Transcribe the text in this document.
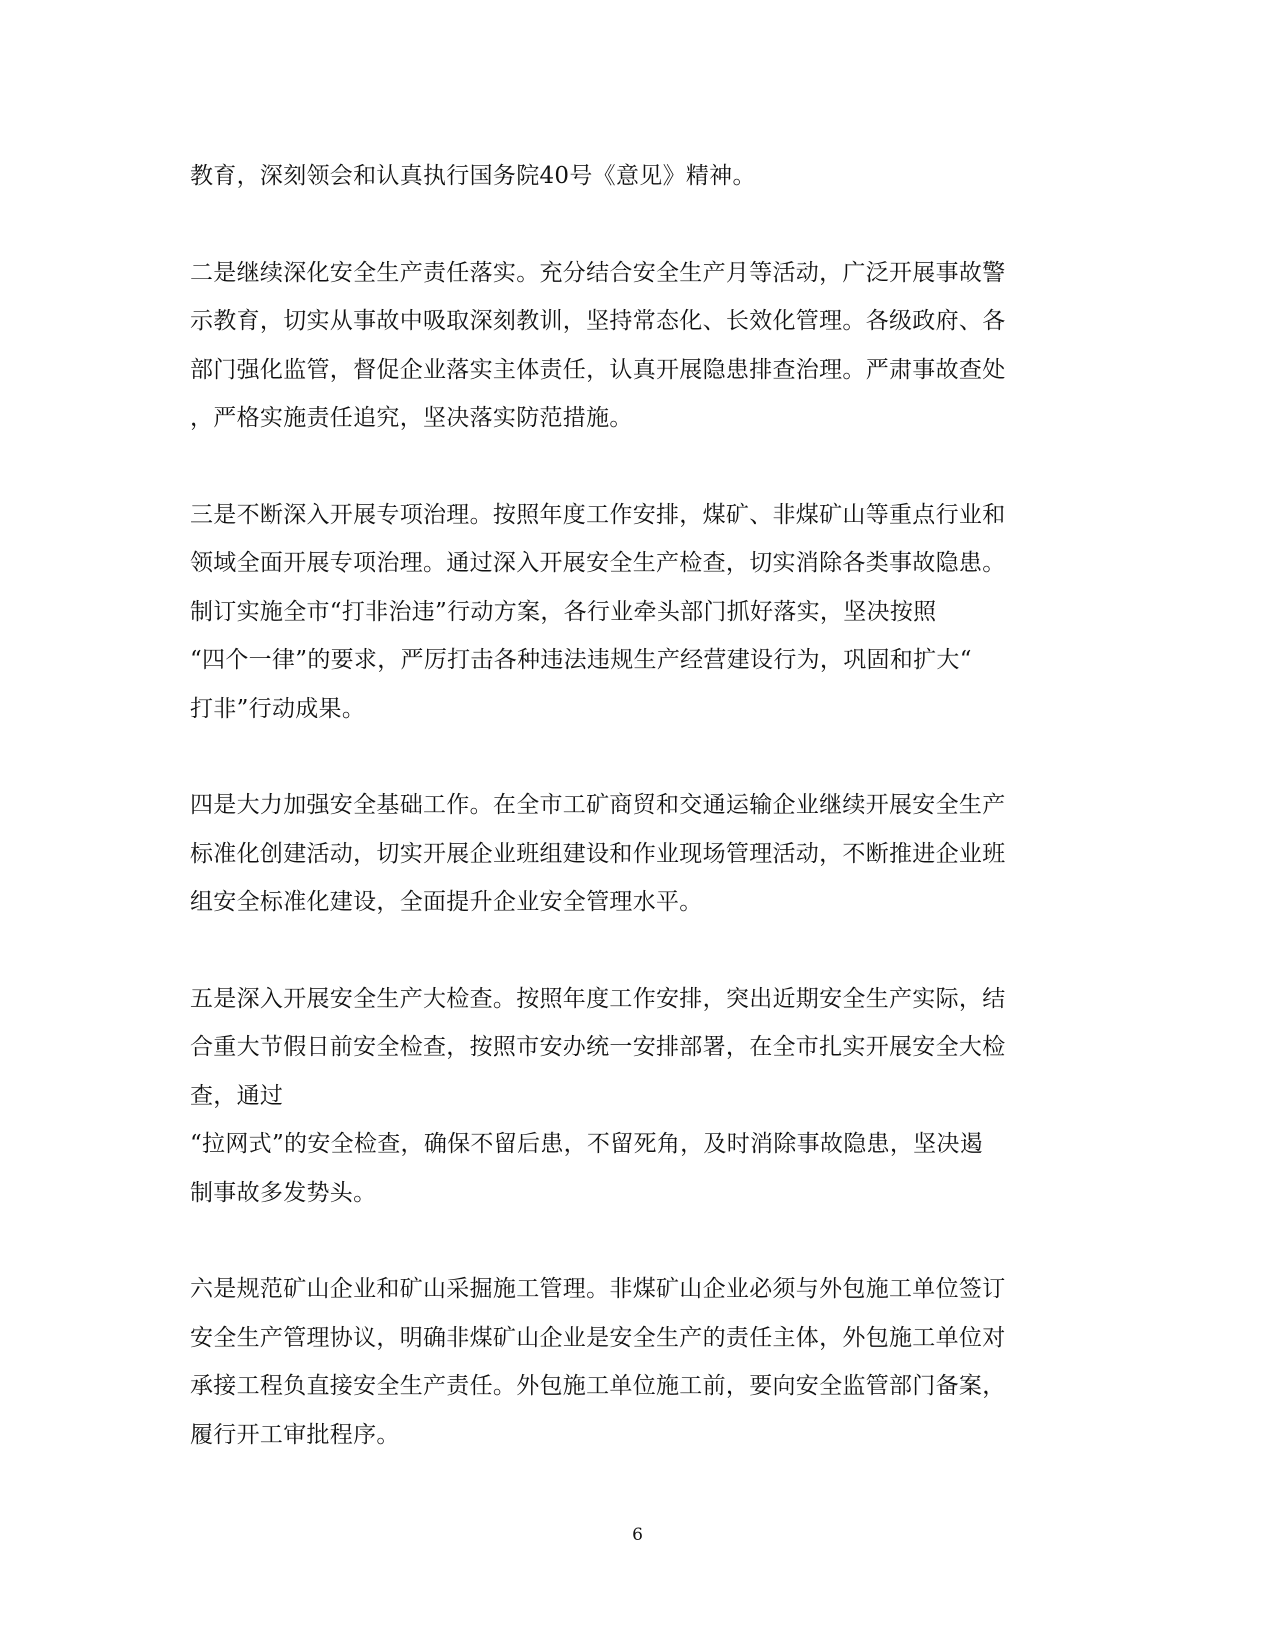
教育，深刻领会和认真执行国务院40号《意见》精神。
二是继续深化安全生产责任落实。充分结合安全生产月等活动，广泛开展事故警
示教育，切实从事故中吸取深刻教训，坚持常态化、长效化管理。各级政府、各
部门强化监管，督促企业落实主体责任，认真开展隐患排查治理。严肃事故查处
，严格实施责任追究，坚决落实防范措施。
三是不断深入开展专项治理。按照年度工作安排，煤矿、非煤矿山等重点行业和
领域全面开展专项治理。通过深入开展安全生产检查，切实消除各类事故隐患。
制订实施全市“打非治违”行动方案，各行业牵头部门抓好落实，坚决按照
“四个一律”的要求，严厉打击各种违法违规生产经营建设行为，巩固和扩大“
打非”行动成果。
四是大力加强安全基础工作。在全市工矿商贸和交通运输企业继续开展安全生产
标准化创建活动，切实开展企业班组建设和作业现场管理活动，不断推进企业班
组安全标准化建设，全面提升企业安全管理水平。
五是深入开展安全生产大检查。按照年度工作安排，突出近期安全生产实际，结
合重大节假日前安全检查，按照市安办统一安排部署，在全市扎实开展安全大检
查，通过
“拉网式”的安全检查，确保不留后患，不留死角，及时消除事故隐患，坚决遏
制事故多发势头。
六是规范矿山企业和矿山采掘施工管理。非煤矿山企业必须与外包施工单位签订
安全生产管理协议，明确非煤矿山企业是安全生产的责任主体，外包施工单位对
承接工程负直接安全生产责任。外包施工单位施工前，要向安全监管部门备案，
履行开工审批程序。
6
